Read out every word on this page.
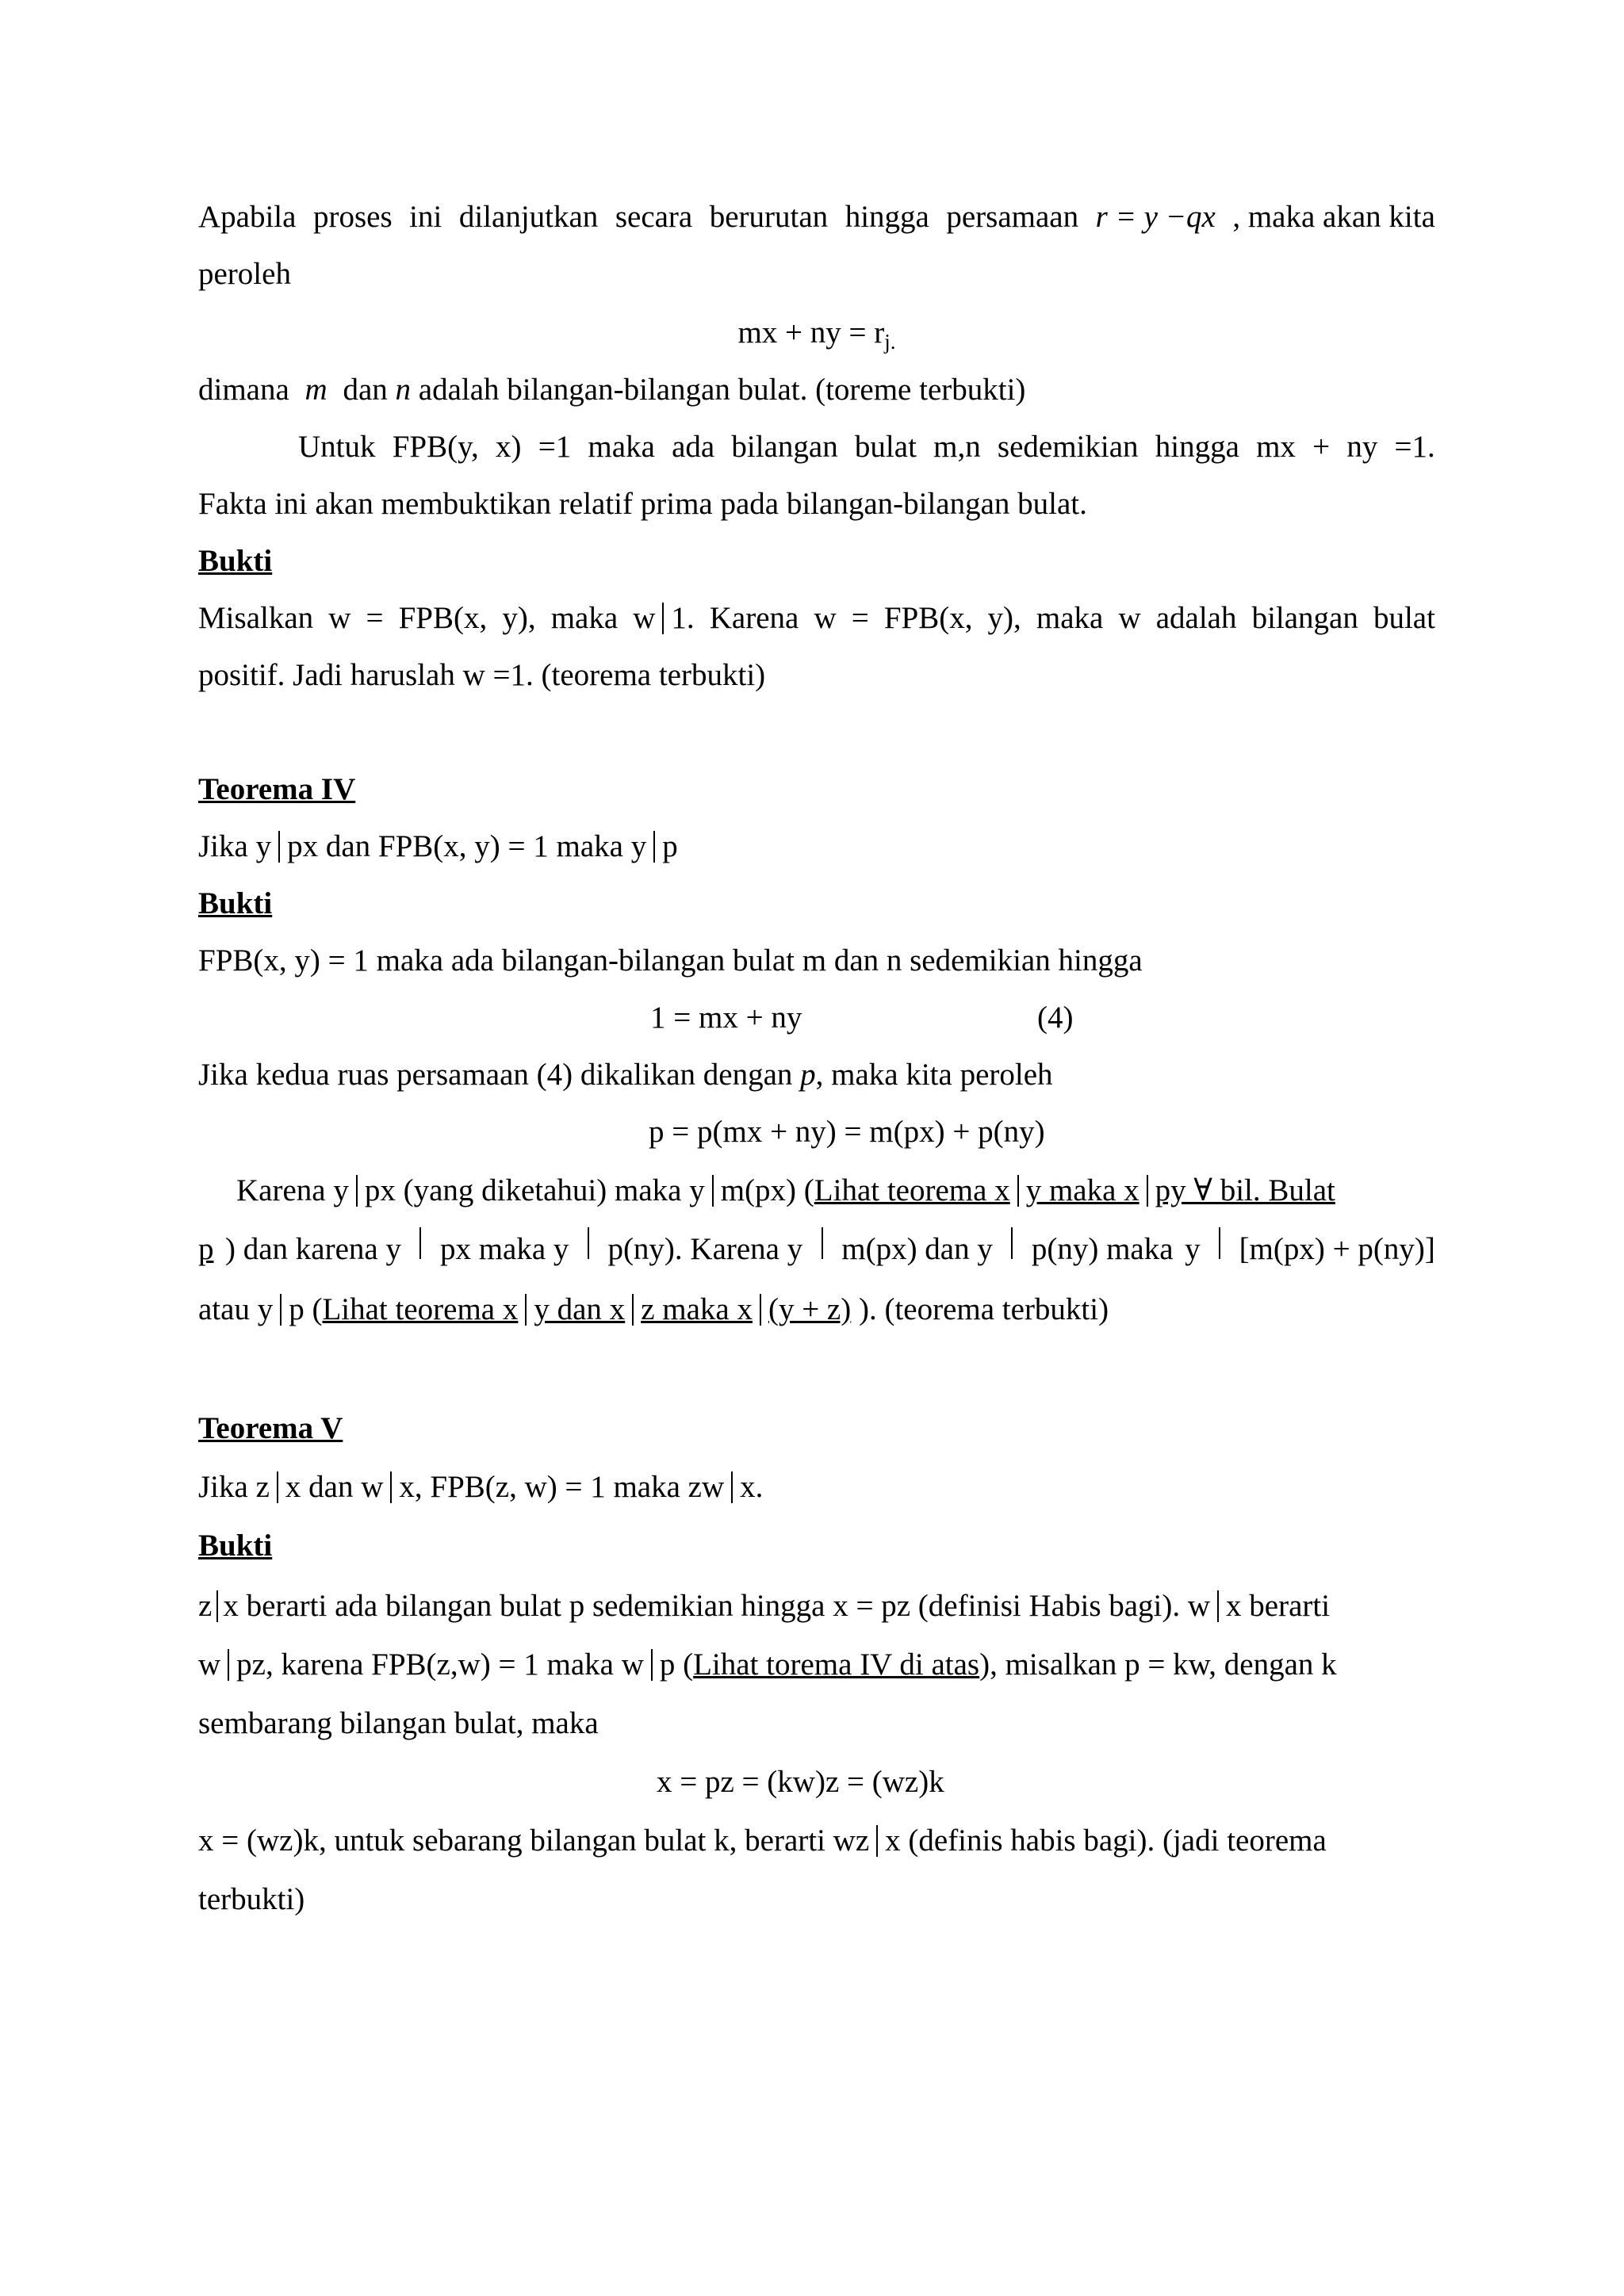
Apabila proses ini dilanjutkan secara berurutan hingga persamaan r = y −qx , maka akan kita
peroleh
mx + ny = $r_{j.}$
dimana m dan n adalah bilangan-bilangan bulat. (toreme terbukti)
Untuk FPB(y, x) =1 maka ada bilangan bulat m,n sedemikian hingga mx + ny =1.
Fakta ini akan membuktikan relatif prima pada bilangan-bilangan bulat.
Bukti
Misalkan w = FPB(x, y), maka w 1. Karena w = FPB(x, y), maka w adalah bilangan bulat
positif. Jadi haruslah w =1. (teorema terbukti)
Teorema IV
Jika y px dan FPB(x, y) = 1 maka y p
Bukti
FPB(x, y) = 1 maka ada bilangan-bilangan bulat m dan n sedemikian hingga
1 = mx + ny	(4)
Jika kedua ruas persamaan (4) dikalikan dengan p, maka kita peroleh
p = p(mx + ny) = m(px) + p(ny)
Karena y px (yang diketahui) maka y m(px) (Lihat teorema x y maka x py ∀ bil. Bulat
p ) dan karena y px maka y p(ny). Karena y m(px) dan y p(ny) maka y [m(px) + p(ny)]
atau y p (Lihat teorema x y dan x z maka x (y + z) ). (teorema terbukti)
Teorema V
Jika z x dan w x, FPB(z, w) = 1 maka zw x.
Bukti
z x berarti ada bilangan bulat p sedemikian hingga x = pz (definisi Habis bagi). w x berarti
w pz, karena FPB(z,w) = 1 maka w p (Lihat torema IV di atas), misalkan p = kw, dengan k
sembarang bilangan bulat, maka
x = pz = (kw)z = (wz)k
x = (wz)k, untuk sebarang bilangan bulat k, berarti wz x (definis habis bagi). (jadi teorema
terbukti)
